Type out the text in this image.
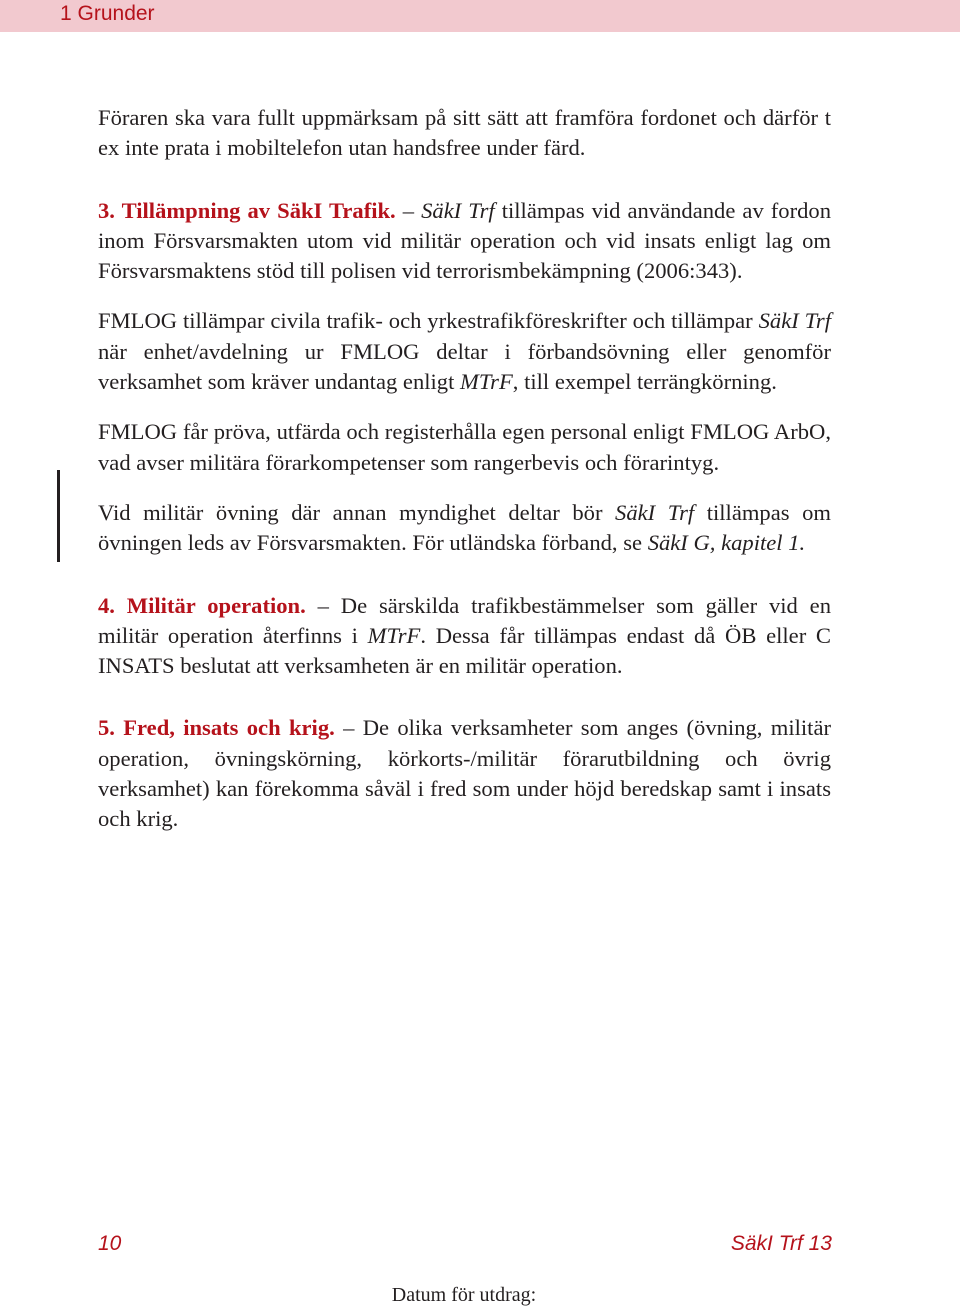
1 Grunder

Föraren ska vara fullt uppmärksam på sitt sätt att framföra fordonet och därför t ex inte prata i mobiltelefon utan handsfree under färd.

3. Tillämpning av SäkI Trafik. – SäkI Trf tillämpas vid användande av fordon inom Försvarsmakten utom vid militär operation och vid insats enligt lag om Försvarsmaktens stöd till polisen vid terrorismbekämpning (2006:343).

FMLOG tillämpar civila trafik- och yrkestrafikföreskrifter och tillämpar SäkI Trf när enhet/avdelning ur FMLOG deltar i förbandsövning eller genomför verksamhet som kräver undantag enligt MTrF, till exempel terrängkörning.

FMLOG får pröva, utfärda och registerhålla egen personal enligt FMLOG ArbO, vad avser militära förarkompetenser som rangerbevis och förarintyg.

Vid militär övning där annan myndighet deltar bör SäkI Trf tillämpas om övningen leds av Försvarsmakten. För utländska förband, se SäkI G, kapitel 1.

4. Militär operation. – De särskilda trafikbestämmelser som gäller vid en militär operation återfinns i MTrF. Dessa får tillämpas endast då ÖB eller C INSATS beslutat att verksamheten är en militär operation.

5. Fred, insats och krig. – De olika verksamheter som anges (övning, militär operation, övningskörning, körkorts-/militär förarutbildning och övrig verksamhet) kan förekomma såväl i fred som under höjd beredskap samt i insats och krig.

10	SäkI Trf 13
Datum för utdrag:
